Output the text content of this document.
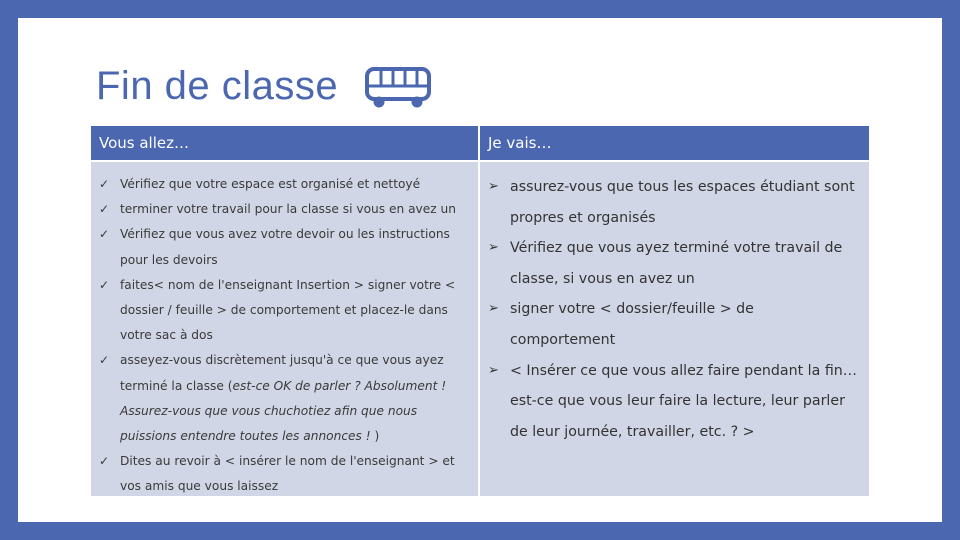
Fin de classe
Vous allez…	Je vais…
✓ Vérifiez que votre espace est organisé et nettoyé
✓ terminer votre travail pour la classe si vous en avez un
✓ Vérifiez que vous avez votre devoir ou les instructions pour les devoirs
✓ faites< nom de l'enseignant Insertion > signer votre < dossier / feuille > de comportement et placez-le dans votre sac à dos
✓ asseyez-vous discrètement jusqu'à ce que vous ayez terminé la classe (est-ce OK de parler ? Absolument ! Assurez-vous que vous chuchotiez afin que nous puissions entendre toutes les annonces ! )
✓ Dites au revoir à < insérer le nom de l'enseignant > et vos amis que vous laissez
➢ assurez-vous que tous les espaces étudiant sont propres et organisés
➢ Vérifiez que vous ayez terminé votre travail de classe, si vous en avez un
➢ signer votre < dossier/feuille > de comportement
➢ < Insérer ce que vous allez faire pendant la fin… est-ce que vous leur faire la lecture, leur parler de leur journée, travailler, etc. ? >
